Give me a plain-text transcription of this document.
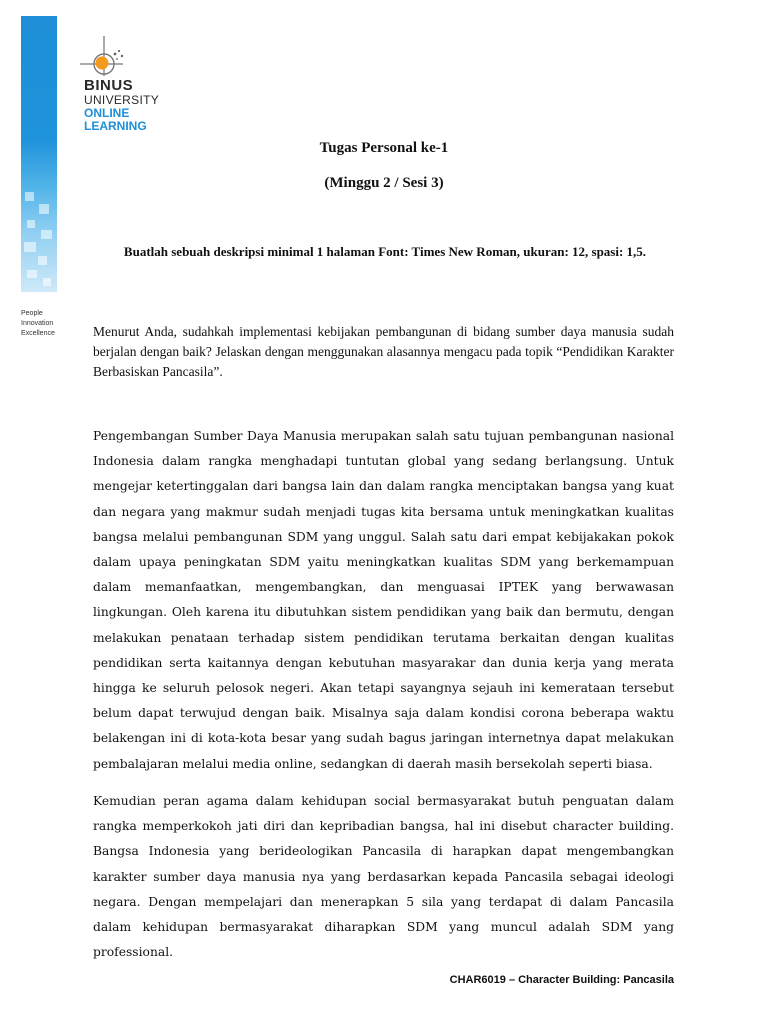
People
Innovation
Excellence
BINUS
UNIVERSITY
ONLINE
LEARNING
Tugas Personal ke-1
(Minggu 2 / Sesi 3)
Buatlah sebuah deskripsi minimal 1 halaman Font: Times New Roman, ukuran: 12, spasi: 1,5.
Menurut Anda, sudahkah implementasi kebijakan pembangunan di bidang sumber daya manusia sudah berjalan dengan baik? Jelaskan dengan menggunakan alasannya mengacu pada topik “Pendidikan Karakter Berbasiskan Pancasila”.
Pengembangan Sumber Daya Manusia merupakan salah satu tujuan pembangunan nasional Indonesia dalam rangka menghadapi tuntutan global yang sedang berlangsung. Untuk mengejar ketertinggalan dari bangsa lain dan dalam rangka menciptakan bangsa yang kuat dan negara yang makmur sudah menjadi tugas kita bersama untuk meningkatkan kualitas bangsa melalui pembangunan SDM yang unggul. Salah satu dari empat kebijakakan pokok dalam upaya peningkatan SDM yaitu meningkatkan kualitas SDM yang berkemampuan dalam memanfaatkan, mengembangkan, dan menguasai IPTEK yang berwawasan lingkungan. Oleh karena itu dibutuhkan sistem pendidikan yang baik dan bermutu, dengan melakukan penataan terhadap sistem pendidikan terutama berkaitan dengan kualitas pendidikan serta kaitannya dengan kebutuhan masyarakar dan dunia kerja yang merata hingga ke seluruh pelosok negeri. Akan tetapi sayangnya sejauh ini kemerataan tersebut belum dapat terwujud dengan baik. Misalnya saja dalam kondisi corona beberapa waktu belakengan ini di kota-kota besar yang sudah bagus jaringan internetnya dapat melakukan pembalajaran melalui media online, sedangkan di daerah masih bersekolah seperti biasa.
Kemudian peran agama dalam kehidupan social bermasyarakat butuh penguatan dalam rangka memperkokoh jati diri dan kepribadian bangsa, hal ini disebut character building. Bangsa Indonesia yang berideologikan Pancasila di harapkan dapat mengembangkan karakter sumber daya manusia nya yang berdasarkan kepada Pancasila sebagai ideologi negara. Dengan mempelajari dan menerapkan 5 sila yang terdapat di dalam Pancasila dalam kehidupan bermasyarakat diharapkan SDM yang muncul adalah SDM yang professional.
CHAR6019 – Character Building: Pancasila
